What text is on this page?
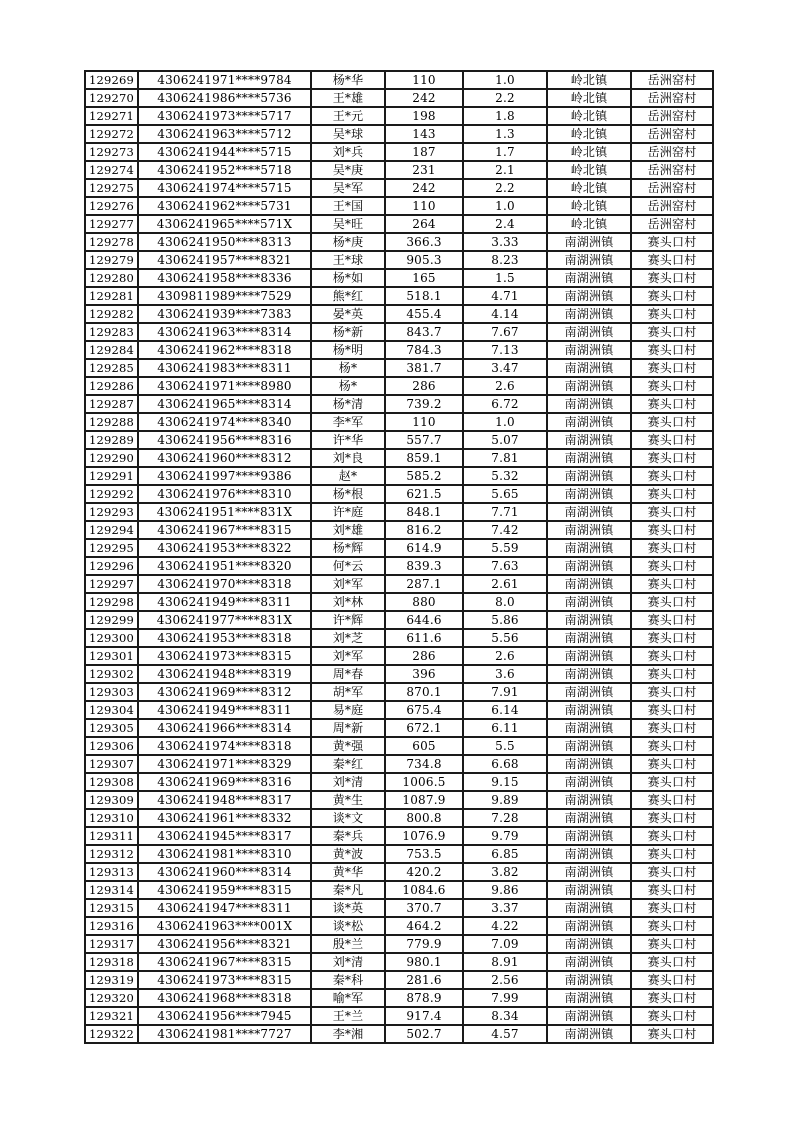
129269	4306241971****9784	杨*华	110	1.0	岭北镇	岳洲窑村
129270	4306241986****5736	王*雄	242	2.2	岭北镇	岳洲窑村
129271	4306241973****5717	王*元	198	1.8	岭北镇	岳洲窑村
129272	4306241963****5712	吴*球	143	1.3	岭北镇	岳洲窑村
129273	4306241944****5715	刘*兵	187	1.7	岭北镇	岳洲窑村
129274	4306241952****5718	吴*庚	231	2.1	岭北镇	岳洲窑村
129275	4306241974****5715	吴*军	242	2.2	岭北镇	岳洲窑村
129276	4306241962****5731	王*国	110	1.0	岭北镇	岳洲窑村
129277	4306241965****571X	吴*旺	264	2.4	岭北镇	岳洲窑村
129278	4306241950****8313	杨*庚	366.3	3.33	南湖洲镇	赛头口村
129279	4306241957****8321	王*球	905.3	8.23	南湖洲镇	赛头口村
129280	4306241958****8336	杨*如	165	1.5	南湖洲镇	赛头口村
129281	4309811989****7529	熊*红	518.1	4.71	南湖洲镇	赛头口村
129282	4306241939****7383	晏*英	455.4	4.14	南湖洲镇	赛头口村
129283	4306241963****8314	杨*新	843.7	7.67	南湖洲镇	赛头口村
129284	4306241962****8318	杨*明	784.3	7.13	南湖洲镇	赛头口村
129285	4306241983****8311	杨*	381.7	3.47	南湖洲镇	赛头口村
129286	4306241971****8980	杨*	286	2.6	南湖洲镇	赛头口村
129287	4306241965****8314	杨*清	739.2	6.72	南湖洲镇	赛头口村
129288	4306241974****8340	李*军	110	1.0	南湖洲镇	赛头口村
129289	4306241956****8316	许*华	557.7	5.07	南湖洲镇	赛头口村
129290	4306241960****8312	刘*良	859.1	7.81	南湖洲镇	赛头口村
129291	4306241997****9386	赵*	585.2	5.32	南湖洲镇	赛头口村
129292	4306241976****8310	杨*根	621.5	5.65	南湖洲镇	赛头口村
129293	4306241951****831X	许*庭	848.1	7.71	南湖洲镇	赛头口村
129294	4306241967****8315	刘*雄	816.2	7.42	南湖洲镇	赛头口村
129295	4306241953****8322	杨*辉	614.9	5.59	南湖洲镇	赛头口村
129296	4306241951****8320	何*云	839.3	7.63	南湖洲镇	赛头口村
129297	4306241970****8318	刘*军	287.1	2.61	南湖洲镇	赛头口村
129298	4306241949****8311	刘*林	880	8.0	南湖洲镇	赛头口村
129299	4306241977****831X	许*辉	644.6	5.86	南湖洲镇	赛头口村
129300	4306241953****8318	刘*芝	611.6	5.56	南湖洲镇	赛头口村
129301	4306241973****8315	刘*军	286	2.6	南湖洲镇	赛头口村
129302	4306241948****8319	周*春	396	3.6	南湖洲镇	赛头口村
129303	4306241969****8312	胡*军	870.1	7.91	南湖洲镇	赛头口村
129304	4306241949****8311	易*庭	675.4	6.14	南湖洲镇	赛头口村
129305	4306241966****8314	周*新	672.1	6.11	南湖洲镇	赛头口村
129306	4306241974****8318	黄*强	605	5.5	南湖洲镇	赛头口村
129307	4306241971****8329	秦*红	734.8	6.68	南湖洲镇	赛头口村
129308	4306241969****8316	刘*清	1006.5	9.15	南湖洲镇	赛头口村
129309	4306241948****8317	黄*生	1087.9	9.89	南湖洲镇	赛头口村
129310	4306241961****8332	谈*文	800.8	7.28	南湖洲镇	赛头口村
129311	4306241945****8317	秦*兵	1076.9	9.79	南湖洲镇	赛头口村
129312	4306241981****8310	黄*波	753.5	6.85	南湖洲镇	赛头口村
129313	4306241960****8314	黄*华	420.2	3.82	南湖洲镇	赛头口村
129314	4306241959****8315	秦*凡	1084.6	9.86	南湖洲镇	赛头口村
129315	4306241947****8311	谈*英	370.7	3.37	南湖洲镇	赛头口村
129316	4306241963****001X	谈*松	464.2	4.22	南湖洲镇	赛头口村
129317	4306241956****8321	殷*兰	779.9	7.09	南湖洲镇	赛头口村
129318	4306241967****8315	刘*清	980.1	8.91	南湖洲镇	赛头口村
129319	4306241973****8315	秦*科	281.6	2.56	南湖洲镇	赛头口村
129320	4306241968****8318	喻*军	878.9	7.99	南湖洲镇	赛头口村
129321	4306241956****7945	王*兰	917.4	8.34	南湖洲镇	赛头口村
129322	4306241981****7727	李*湘	502.7	4.57	南湖洲镇	赛头口村
